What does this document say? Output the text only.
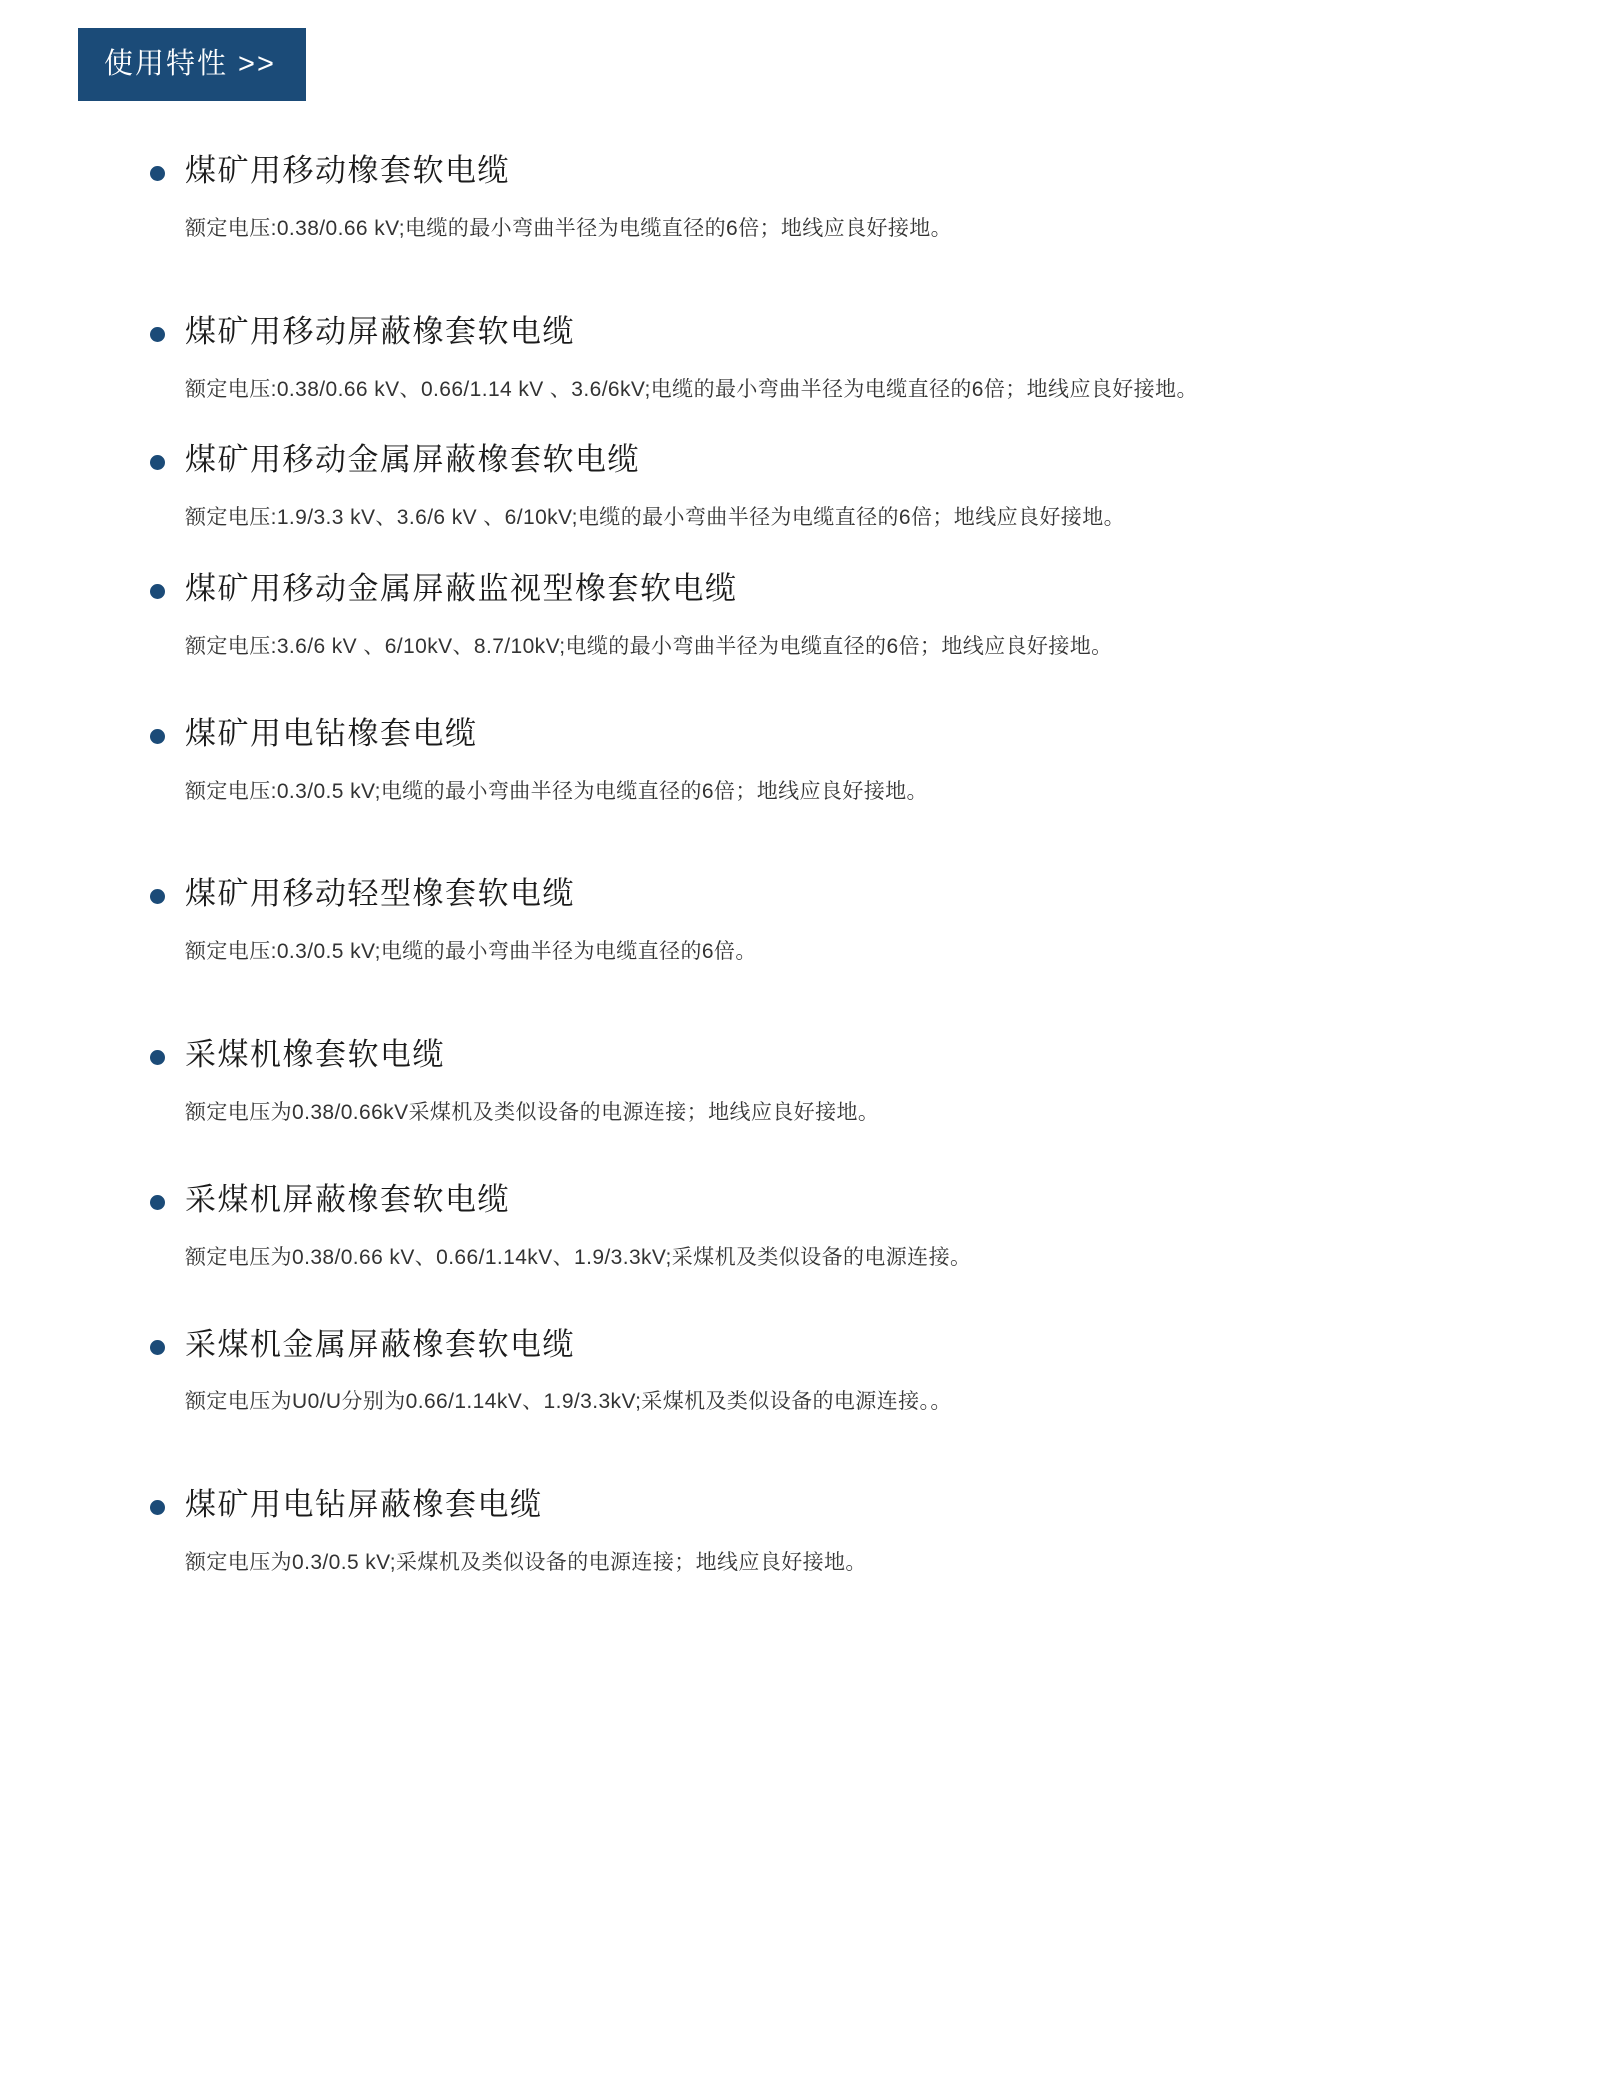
使用特性 >>
煤矿用移动橡套软电缆

额定电压:0.38/0.66 kV;电缆的最小弯曲半径为电缆直径的6倍；地线应良好接地。

煤矿用移动屏蔽橡套软电缆

额定电压:0.38/0.66 kV、0.66/1.14 kV 、3.6/6kV;电缆的最小弯曲半径为电缆直径的6倍；地线应良好接地。

煤矿用移动金属屏蔽橡套软电缆

额定电压:1.9/3.3 kV、3.6/6 kV 、6/10kV;电缆的最小弯曲半径为电缆直径的6倍；地线应良好接地。

煤矿用移动金属屏蔽监视型橡套软电缆

额定电压:3.6/6 kV 、6/10kV、8.7/10kV;电缆的最小弯曲半径为电缆直径的6倍；地线应良好接地。

煤矿用电钻橡套电缆

额定电压:0.3/0.5 kV;电缆的最小弯曲半径为电缆直径的6倍；地线应良好接地。

煤矿用移动轻型橡套软电缆

额定电压:0.3/0.5 kV;电缆的最小弯曲半径为电缆直径的6倍。

采煤机橡套软电缆

额定电压为0.38/0.66kV采煤机及类似设备的电源连接；地线应良好接地。

采煤机屏蔽橡套软电缆

额定电压为0.38/0.66 kV、0.66/1.14kV、1.9/3.3kV;采煤机及类似设备的电源连接。

采煤机金属屏蔽橡套软电缆

额定电压为U0/U分别为0.66/1.14kV、1.9/3.3kV;采煤机及类似设备的电源连接。。

煤矿用电钻屏蔽橡套电缆

额定电压为0.3/0.5 kV;采煤机及类似设备的电源连接；地线应良好接地。
